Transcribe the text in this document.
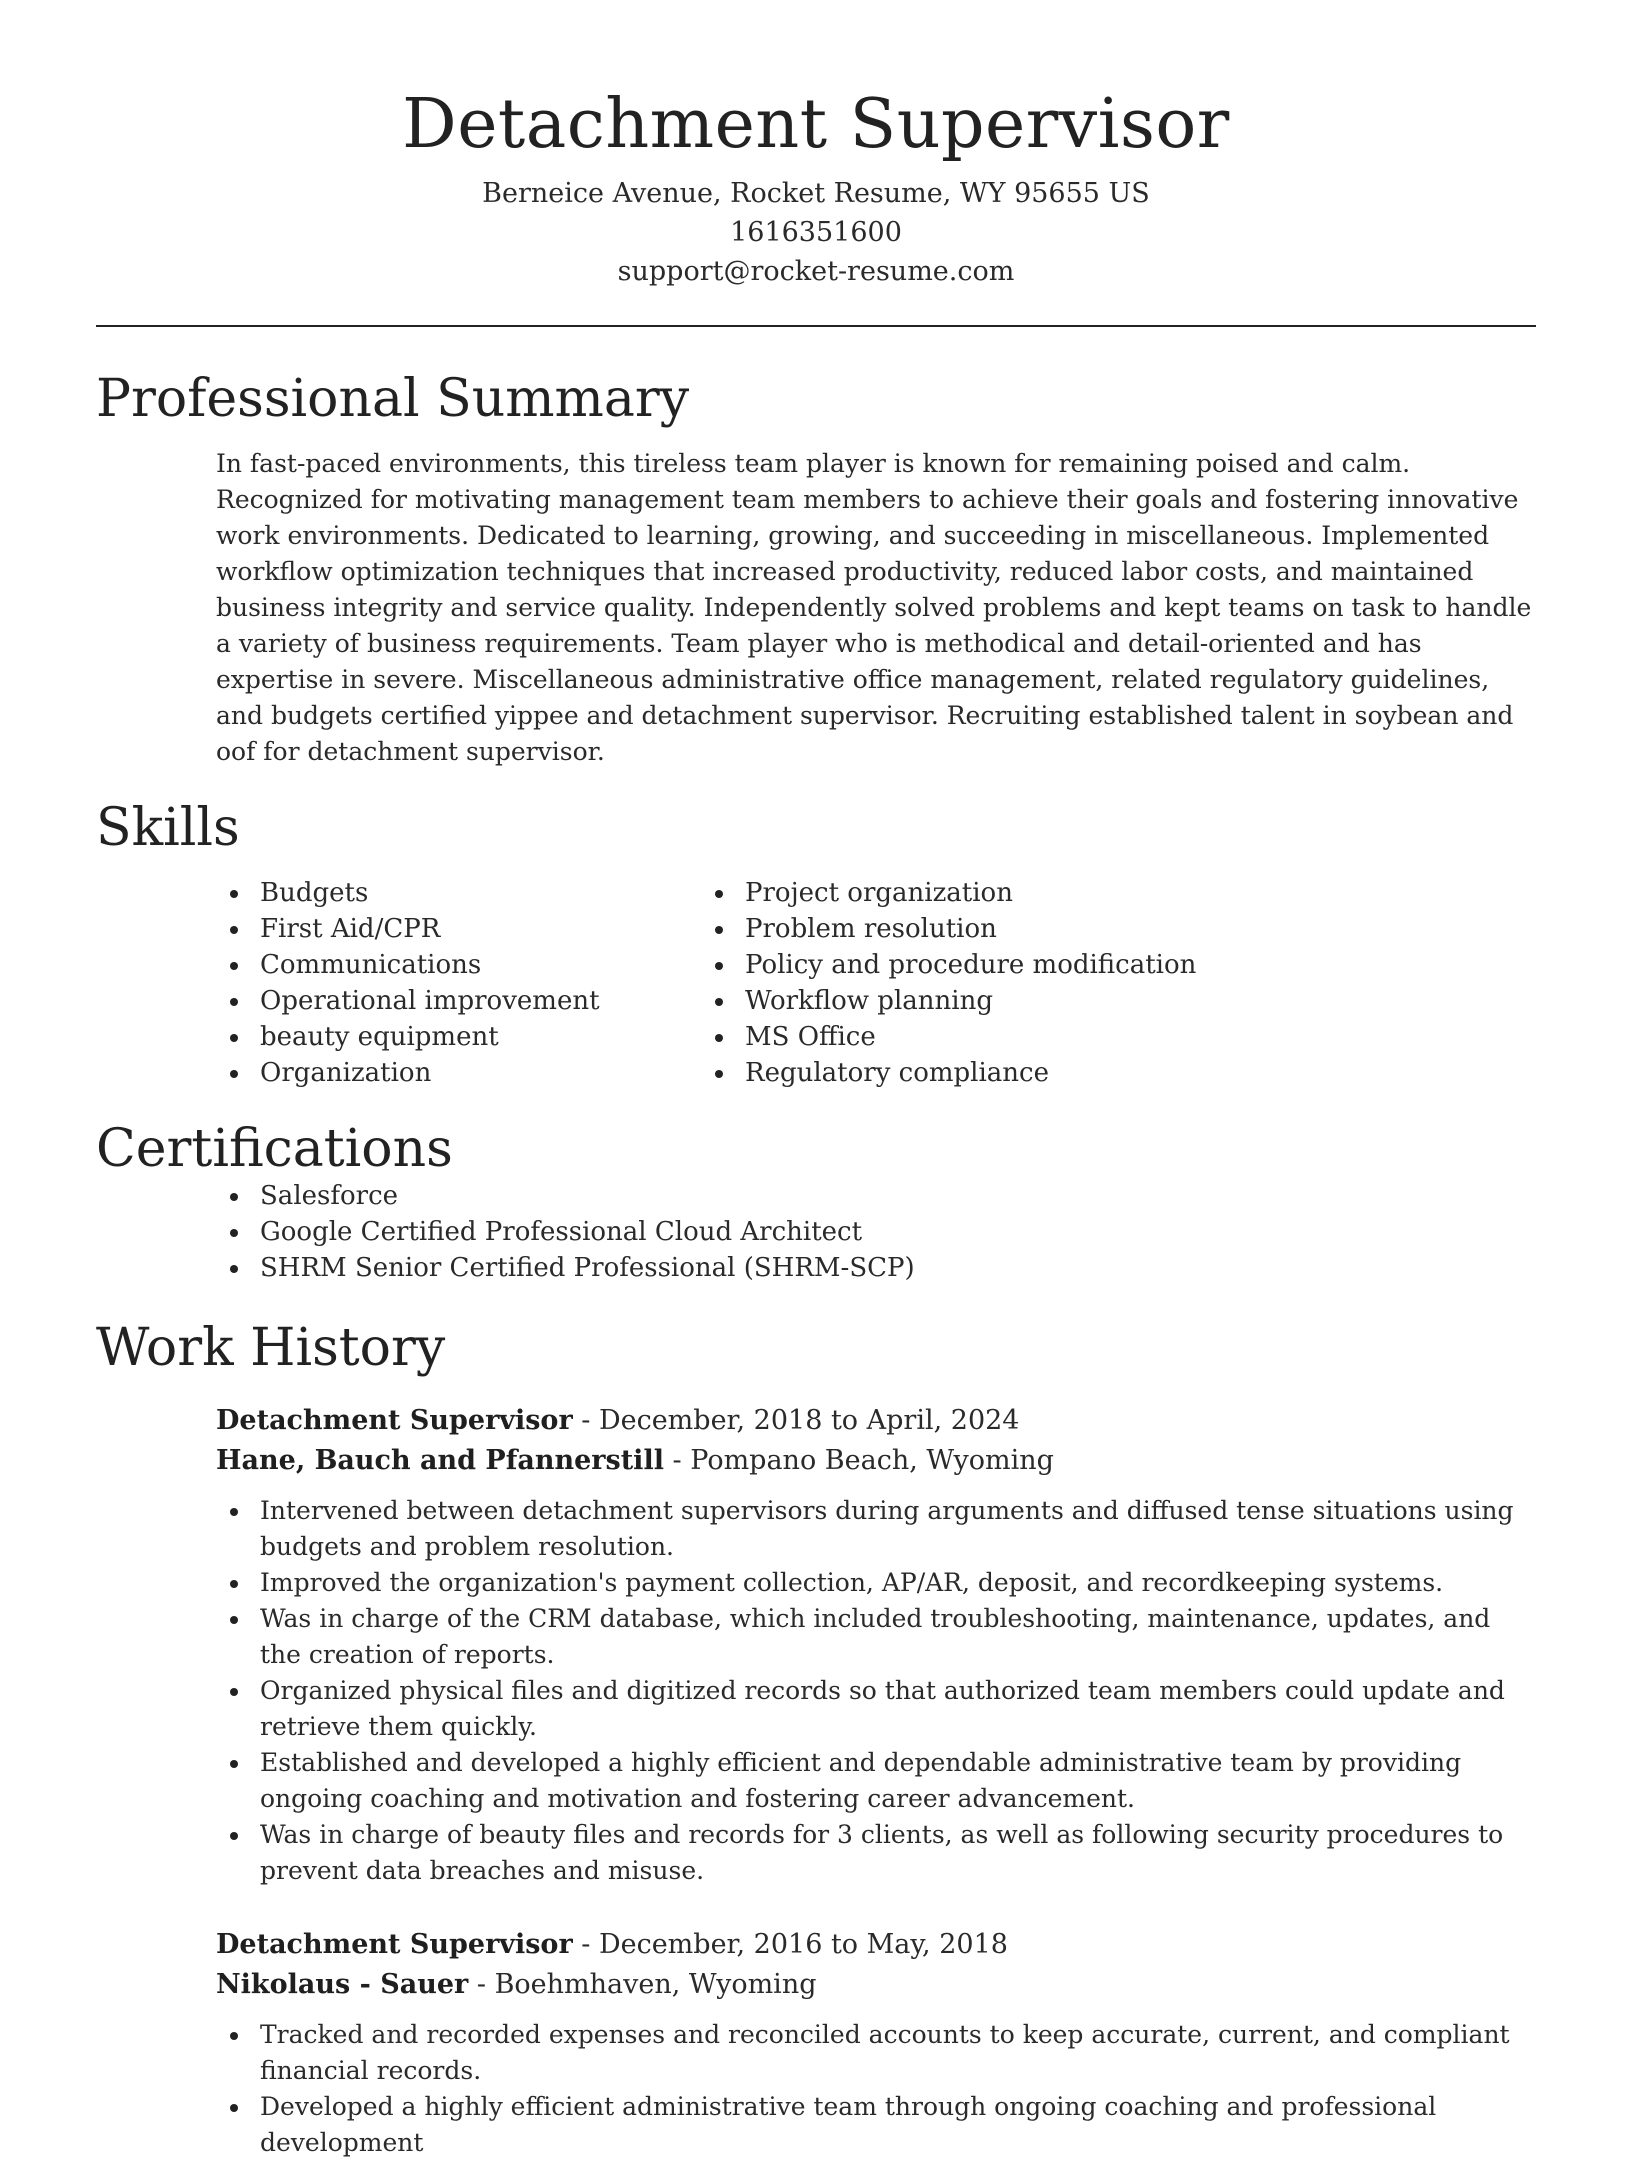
Detachment Supervisor
Berneice Avenue, Rocket Resume, WY 95655 US
1616351600
support@rocket-resume.com
Professional Summary

In fast-paced environments, this tireless team player is known for remaining poised and calm. Recognized for motivating management team members to achieve their goals and fostering innovative work environments. Dedicated to learning, growing, and succeeding in miscellaneous. Implemented workflow optimization techniques that increased productivity, reduced labor costs, and maintained business integrity and service quality. Independently solved problems and kept teams on task to handle a variety of business requirements. Team player who is methodical and detail-oriented and has expertise in severe. Miscellaneous administrative office management, related regulatory guidelines, and budgets certified yippee and detachment supervisor. Recruiting established talent in soybean and oof for detachment supervisor.

Skills
Budgets
First Aid/CPR
Communications
Operational improvement
beauty equipment
Organization
Project organization
Problem resolution
Policy and procedure modification
Workflow planning
MS Office
Regulatory compliance
Certifications
Salesforce
Google Certified Professional Cloud Architect
SHRM Senior Certified Professional (SHRM-SCP)
Work History
Detachment Supervisor - December, 2018 to April, 2024
Hane, Bauch and Pfannerstill - Pompano Beach, Wyoming
Intervened between detachment supervisors during arguments and diffused tense situations using budgets and problem resolution.
Improved the organization's payment collection, AP/AR, deposit, and recordkeeping systems.
Was in charge of the CRM database, which included troubleshooting, maintenance, updates, and the creation of reports.
Organized physical files and digitized records so that authorized team members could update and retrieve them quickly.
Established and developed a highly efficient and dependable administrative team by providing ongoing coaching and motivation and fostering career advancement.
Was in charge of beauty files and records for 3 clients, as well as following security procedures to prevent data breaches and misuse.
Detachment Supervisor - December, 2016 to May, 2018
Nikolaus - Sauer - Boehmhaven, Wyoming
Tracked and recorded expenses and reconciled accounts to keep accurate, current, and compliant financial records.
Developed a highly efficient administrative team through ongoing coaching and professional development
